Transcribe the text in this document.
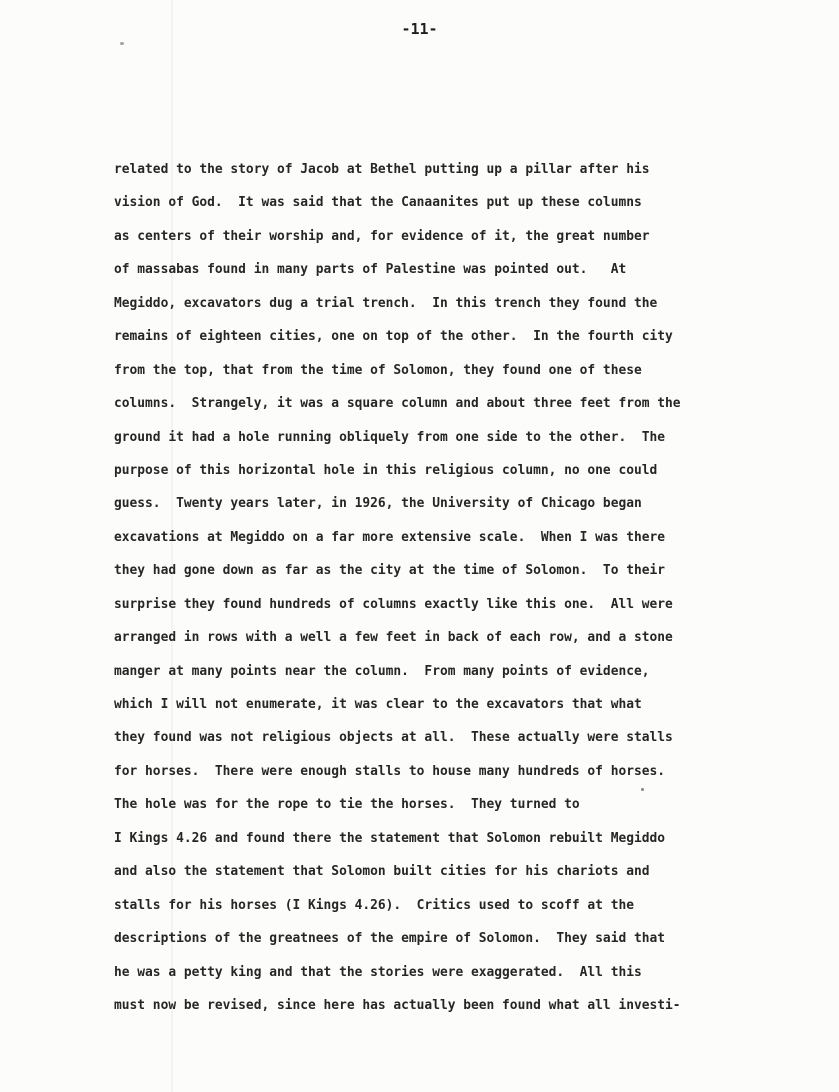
-11-
related to the story of Jacob at Bethel putting up a pillar after his
vision of God.  It was said that the Canaanites put up these columns
as centers of their worship and, for evidence of it, the great number
of massabas found in many parts of Palestine was pointed out.   At
Megiddo, excavators dug a trial trench.  In this trench they found the
remains of eighteen cities, one on top of the other.  In the fourth city
from the top, that from the time of Solomon, they found one of these
columns.  Strangely, it was a square column and about three feet from the
ground it had a hole running obliquely from one side to the other.  The
purpose of this horizontal hole in this religious column, no one could
guess.  Twenty years later, in 1926, the University of Chicago began
excavations at Megiddo on a far more extensive scale.  When I was there
they had gone down as far as the city at the time of Solomon.  To their
surprise they found hundreds of columns exactly like this one.  All were
arranged in rows with a well a few feet in back of each row, and a stone
manger at many points near the column.  From many points of evidence,
which I will not enumerate, it was clear to the excavators that what
they found was not religious objects at all.  These actually were stalls
for horses.  There were enough stalls to house many hundreds of horses.
The hole was for the rope to tie the horses.  They turned to
I Kings 4.26 and found there the statement that Solomon rebuilt Megiddo
and also the statement that Solomon built cities for his chariots and
stalls for his horses (I Kings 4.26).  Critics used to scoff at the
descriptions of the greatnees of the empire of Solomon.  They said that
he was a petty king and that the stories were exaggerated.  All this
must now be revised, since here has actually been found what all investi-
